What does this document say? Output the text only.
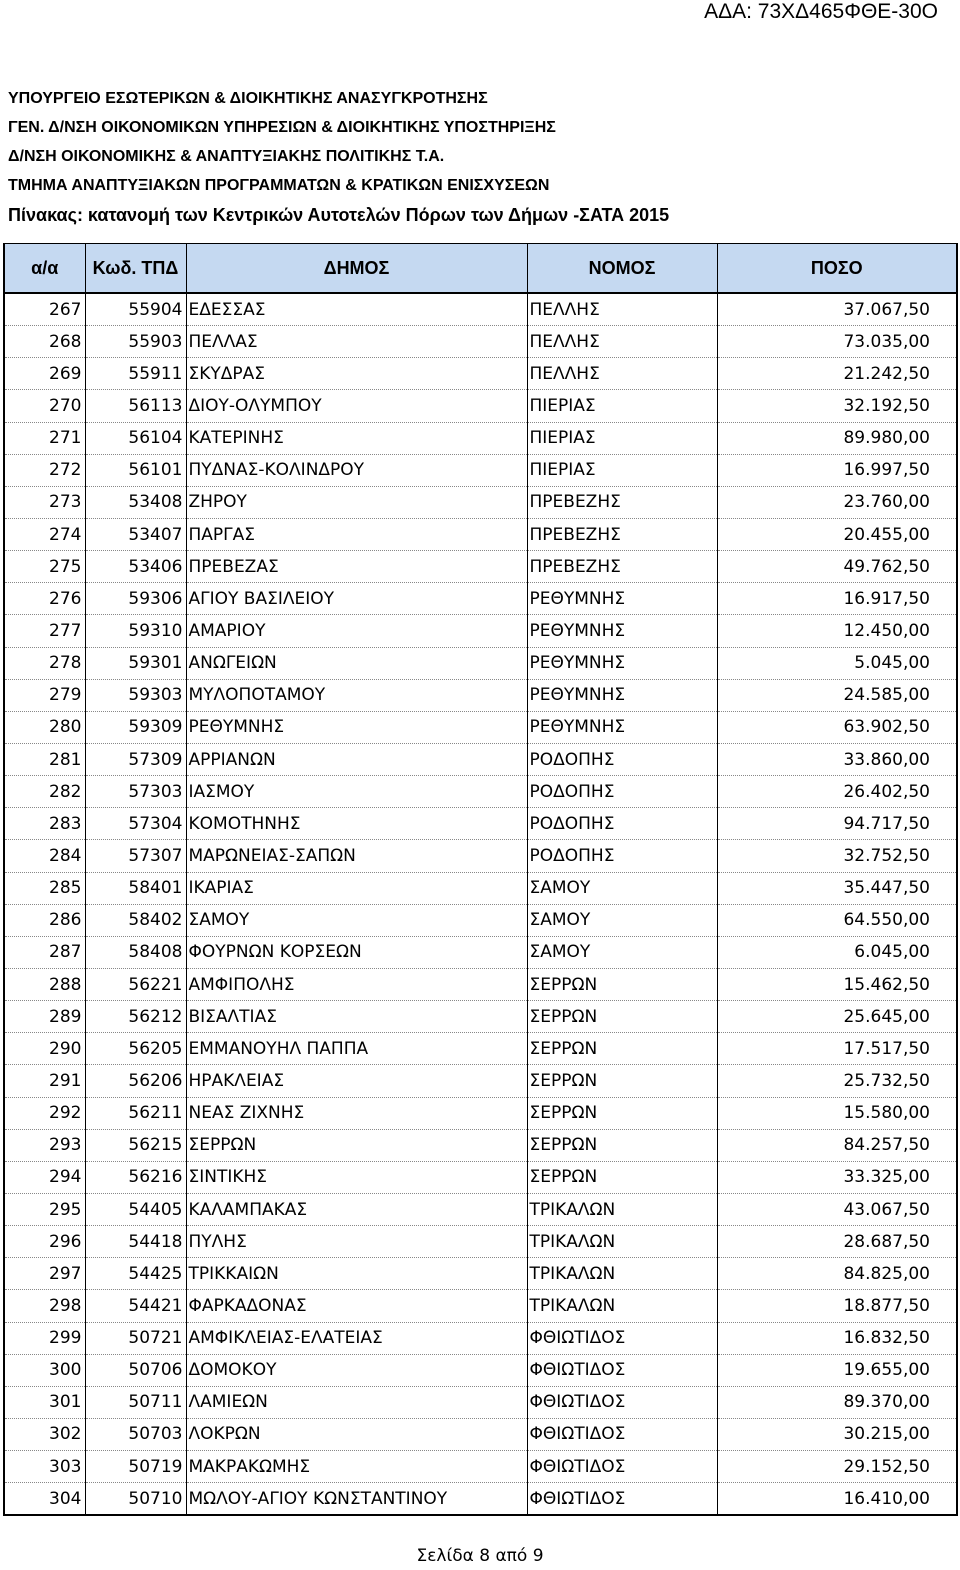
ΑΔΑ: 73ΧΔ465ΦΘΕ-30Ο
ΥΠΟΥΡΓΕΙΟ ΕΣΩΤΕΡΙΚΩΝ & ΔΙΟΙΚΗΤΙΚΗΣ ΑΝΑΣΥΓΚΡΟΤΗΣΗΣ
ΓΕΝ. Δ/ΝΣΗ ΟΙΚΟΝΟΜΙΚΩΝ ΥΠΗΡΕΣΙΩΝ & ΔΙΟΙΚΗΤΙΚΗΣ ΥΠΟΣΤΗΡΙΞΗΣ
Δ/ΝΣΗ ΟΙΚΟΝΟΜΙΚΗΣ & ΑΝΑΠΤΥΞΙΑΚΗΣ ΠΟΛΙΤΙΚΗΣ Τ.Α.
ΤΜΗΜΑ ΑΝΑΠΤΥΞΙΑΚΩΝ ΠΡΟΓΡΑΜΜΑΤΩΝ & ΚΡΑΤΙΚΩΝ ΕΝΙΣΧΥΣΕΩΝ
Πίνακας: κατανομή των Κεντρικών Αυτοτελών Πόρων των Δήμων -ΣΑΤΑ 2015
α/α	Κωδ. ΤΠΔ	ΔΗΜΟΣ	ΝΟΜΟΣ	ΠΟΣΟ
267	55904	ΕΔΕΣΣΑΣ	ΠΕΛΛΗΣ	37.067,50
268	55903	ΠΕΛΛΑΣ	ΠΕΛΛΗΣ	73.035,00
269	55911	ΣΚΥΔΡΑΣ	ΠΕΛΛΗΣ	21.242,50
270	56113	ΔΙΟΥ-ΟΛΥΜΠΟΥ	ΠΙΕΡΙΑΣ	32.192,50
271	56104	ΚΑΤΕΡΙΝΗΣ	ΠΙΕΡΙΑΣ	89.980,00
272	56101	ΠΥΔΝΑΣ-ΚΟΛΙΝΔΡΟΥ	ΠΙΕΡΙΑΣ	16.997,50
273	53408	ΖΗΡΟΥ	ΠΡΕΒΕΖΗΣ	23.760,00
274	53407	ΠΑΡΓΑΣ	ΠΡΕΒΕΖΗΣ	20.455,00
275	53406	ΠΡΕΒΕΖΑΣ	ΠΡΕΒΕΖΗΣ	49.762,50
276	59306	ΑΓΙΟΥ ΒΑΣΙΛΕΙΟΥ	ΡΕΘΥΜΝΗΣ	16.917,50
277	59310	ΑΜΑΡΙΟΥ	ΡΕΘΥΜΝΗΣ	12.450,00
278	59301	ΑΝΩΓΕΙΩΝ	ΡΕΘΥΜΝΗΣ	5.045,00
279	59303	ΜΥΛΟΠΟΤΑΜΟΥ	ΡΕΘΥΜΝΗΣ	24.585,00
280	59309	ΡΕΘΥΜΝΗΣ	ΡΕΘΥΜΝΗΣ	63.902,50
281	57309	ΑΡΡΙΑΝΩΝ	ΡΟΔΟΠΗΣ	33.860,00
282	57303	ΙΑΣΜΟΥ	ΡΟΔΟΠΗΣ	26.402,50
283	57304	ΚΟΜΟΤΗΝΗΣ	ΡΟΔΟΠΗΣ	94.717,50
284	57307	ΜΑΡΩΝΕΙΑΣ-ΣΑΠΩΝ	ΡΟΔΟΠΗΣ	32.752,50
285	58401	ΙΚΑΡΙΑΣ	ΣΑΜΟΥ	35.447,50
286	58402	ΣΑΜΟΥ	ΣΑΜΟΥ	64.550,00
287	58408	ΦΟΥΡΝΩΝ ΚΟΡΣΕΩΝ	ΣΑΜΟΥ	6.045,00
288	56221	ΑΜΦΙΠΟΛΗΣ	ΣΕΡΡΩΝ	15.462,50
289	56212	ΒΙΣΑΛΤΙΑΣ	ΣΕΡΡΩΝ	25.645,00
290	56205	ΕΜΜΑΝΟΥΗΛ ΠΑΠΠΑ	ΣΕΡΡΩΝ	17.517,50
291	56206	ΗΡΑΚΛΕΙΑΣ	ΣΕΡΡΩΝ	25.732,50
292	56211	ΝΕΑΣ ΖΙΧΝΗΣ	ΣΕΡΡΩΝ	15.580,00
293	56215	ΣΕΡΡΩΝ	ΣΕΡΡΩΝ	84.257,50
294	56216	ΣΙΝΤΙΚΗΣ	ΣΕΡΡΩΝ	33.325,00
295	54405	ΚΑΛΑΜΠΑΚΑΣ	ΤΡΙΚΑΛΩΝ	43.067,50
296	54418	ΠΥΛΗΣ	ΤΡΙΚΑΛΩΝ	28.687,50
297	54425	ΤΡΙΚΚΑΙΩΝ	ΤΡΙΚΑΛΩΝ	84.825,00
298	54421	ΦΑΡΚΑΔΟΝΑΣ	ΤΡΙΚΑΛΩΝ	18.877,50
299	50721	ΑΜΦΙΚΛΕΙΑΣ-ΕΛΑΤΕΙΑΣ	ΦΘΙΩΤΙΔΟΣ	16.832,50
300	50706	ΔΟΜΟΚΟΥ	ΦΘΙΩΤΙΔΟΣ	19.655,00
301	50711	ΛΑΜΙΕΩΝ	ΦΘΙΩΤΙΔΟΣ	89.370,00
302	50703	ΛΟΚΡΩΝ	ΦΘΙΩΤΙΔΟΣ	30.215,00
303	50719	ΜΑΚΡΑΚΩΜΗΣ	ΦΘΙΩΤΙΔΟΣ	29.152,50
304	50710	ΜΩΛΟΥ-ΑΓΙΟΥ ΚΩΝΣΤΑΝΤΙΝΟΥ	ΦΘΙΩΤΙΔΟΣ	16.410,00
Σελίδα 8 από 9
